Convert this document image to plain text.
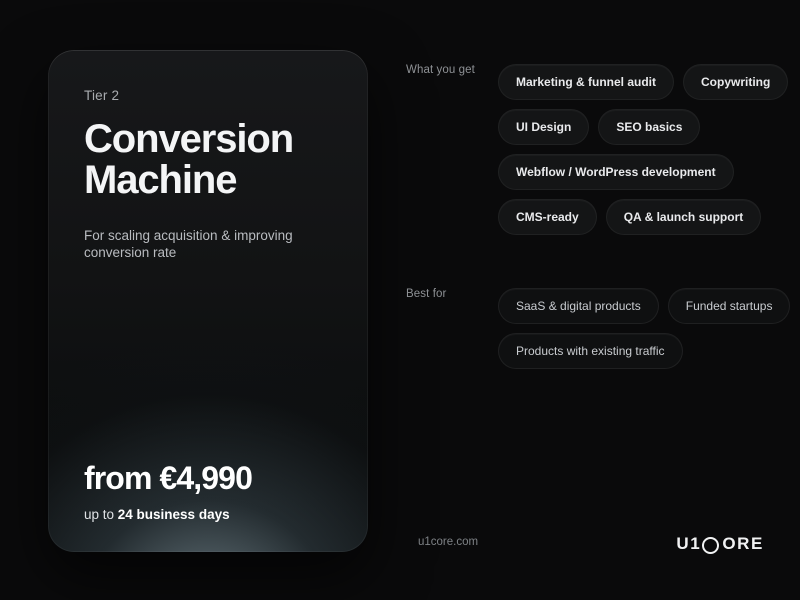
Tier 2

Conversion Machine

For scaling acquisition & improving conversion rate

from €4,990

up to 24 business days

What you get

Marketing & funnel audit	Copywriting
UI Design	SEO basics
Webflow / WordPress development
CMS-ready	QA & launch support

Best for

SaaS & digital products	Funded startups
Products with existing traffic
u1core.com	U1 ORE
